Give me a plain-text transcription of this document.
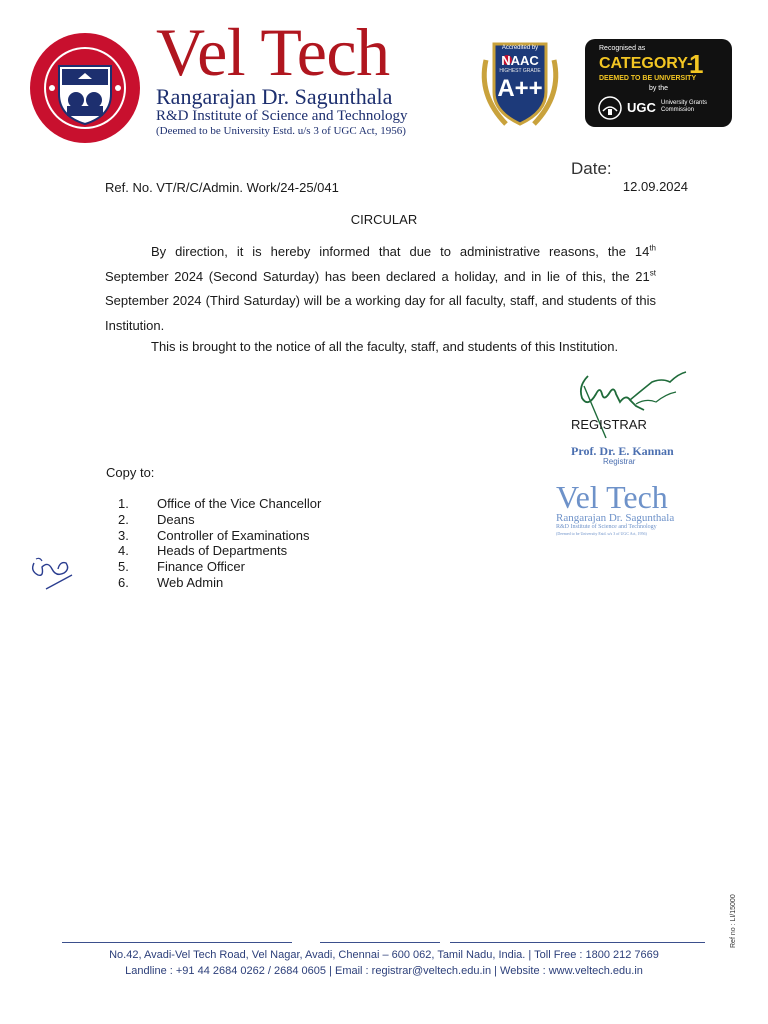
Vel Tech
Rangarajan Dr. Sagunthala
R&D Institute of Science and Technology
(Deemed to be University Estd. u/s 3 of UGC Act, 1956)
Accredited by
NAAC
HIGHEST GRADE
A++
Recognised as
CATEGORY-
1
DEEMED TO BE UNIVERSITY
by the
UGC University Grants Commission
Date:
12.09.2024
Ref. No. VT/R/C/Admin. Work/24-25/041
CIRCULAR

By direction, it is hereby informed that due to administrative reasons, the 14th September 2024 (Second Saturday) has been declared a holiday, and in lie of this, the 21st September 2024 (Third Saturday) will be a working day for all faculty, staff, and students of this Institution.

This is brought to the notice of all the faculty, staff, and students of this Institution.

REGISTRAR
Prof. Dr. E. Kannan
Registrar
Vel Tech
Rangarajan Dr. Sagunthala
R&D Institute of Science and Technology
(Deemed to be University Estd. u/s 3 of UGC Act, 1956)
Copy to:
1. Office of the Vice Chancellor
2. Deans
3. Controller of Examinations
4. Heads of Departments
5. Finance Officer
6. Web Admin
No.42, Avadi-Vel Tech Road, Vel Nagar, Avadi, Chennai – 600 062, Tamil Nadu, India. | Toll Free : 1800 212 7669
Landline : +91 44 2684 0262 / 2684 0605 | Email : registrar@veltech.edu.in | Website : www.veltech.edu.in
Ref no : LI/15000
